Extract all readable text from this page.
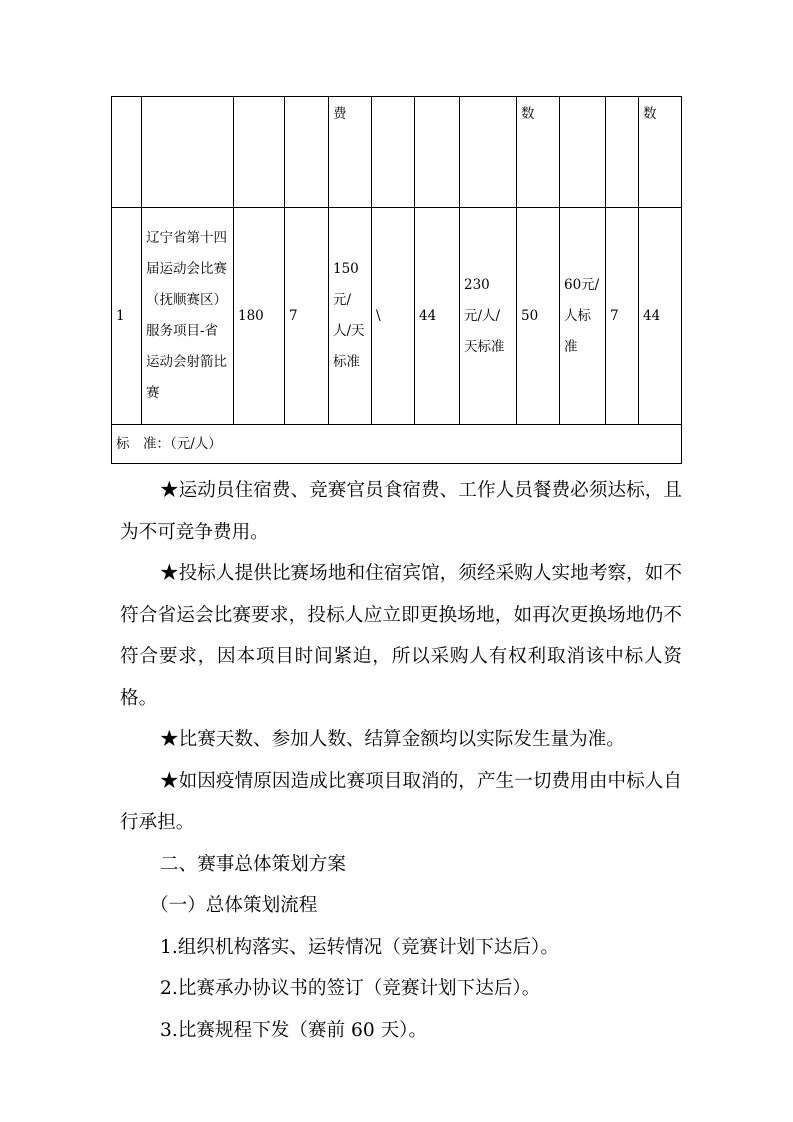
				费				数			数
1	辽宁省第十四届运动会比赛（抚顺赛区）服务项目-省运动会射箭比赛	180	7	150元/人/天标准	\	44	230 元/人/天标准	50	60元/人标准	7	44
标　准：（元/人）											

★运动员住宿费、竞赛官员食宿费、工作人员餐费必须达标，且为不可竞争费用。

★投标人提供比赛场地和住宿宾馆，须经采购人实地考察，如不符合省运会比赛要求，投标人应立即更换场地，如再次更换场地仍不符合要求，因本项目时间紧迫，所以采购人有权利取消该中标人资格。

★比赛天数、参加人数、结算金额均以实际发生量为准。

★如因疫情原因造成比赛项目取消的，产生一切费用由中标人自行承担。

二、赛事总体策划方案

（一）总体策划流程

1.组织机构落实、运转情况（竞赛计划下达后）。

2.比赛承办协议书的签订（竞赛计划下达后）。

3.比赛规程下发（赛前 60 天）。
